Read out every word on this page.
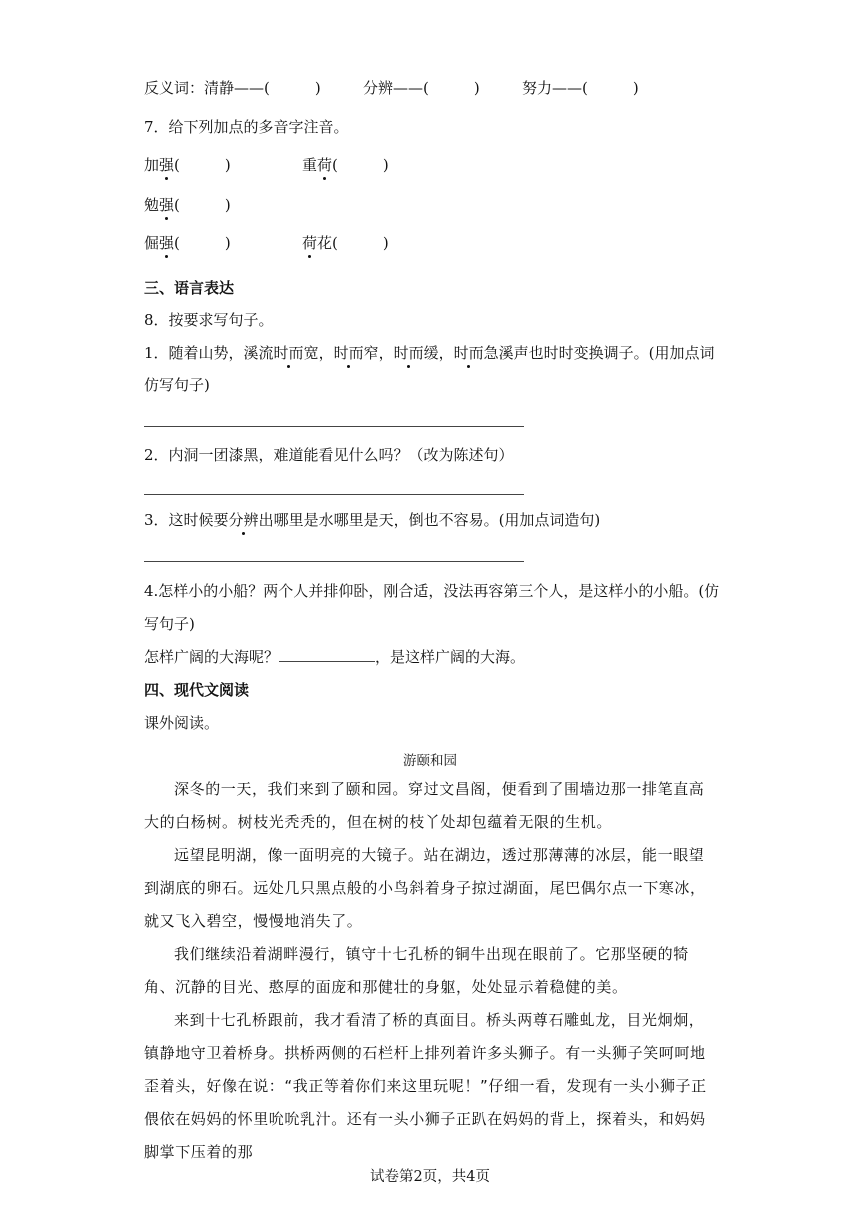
反义词：清静——(　　　)	分辨——(　　　)	努力——(　　　)
7．给下列加点的多音字注音。
加强(　　　)	重荷(　　　)
勉强(　　　)
倔强(　　　)	荷花(　　　)
三、语言表达
8．按要求写句子。
1．随着山势，溪流时而宽，时而窄，时而缓，时而急溪声也时时变换调子。(用加点词
仿写句子)
2．内洞一团漆黑，难道能看见什么吗？（改为陈述句）
3．这时候要分辨出哪里是水哪里是天，倒也不容易。(用加点词造句)
4.怎样小的小船？两个人并排仰卧，刚合适，没法再容第三个人，是这样小的小船。(仿
写句子)
怎样广阔的大海呢？	，是这样广阔的大海。
四、现代文阅读
课外阅读。
游颐和园

深冬的一天，我们来到了颐和园。穿过文昌阁，便看到了围墙边那一排笔直高大的白杨树。树枝光秃秃的，但在树的枝丫处却包蕴着无限的生机。

远望昆明湖，像一面明亮的大镜子。站在湖边，透过那薄薄的冰层，能一眼望到湖底的卵石。远处几只黑点般的小鸟斜着身子掠过湖面，尾巴偶尔点一下寒冰，就又飞入碧空，慢慢地消失了。

我们继续沿着湖畔漫行，镇守十七孔桥的铜牛出现在眼前了。它那坚硬的犄角、沉静的目光、憨厚的面庞和那健壮的身躯，处处显示着稳健的美。

来到十七孔桥跟前，我才看清了桥的真面目。桥头两尊石雕虬龙，目光炯炯，镇静地守卫着桥身。拱桥两侧的石栏杆上排列着许多头狮子。有一头狮子笑呵呵地歪着头，好像在说：“我正等着你们来这里玩呢！”仔细一看，发现有一头小狮子正偎依在妈妈的怀里吮吮乳汁。还有一头小狮子正趴在妈妈的背上，探着头，和妈妈脚掌下压着的那

试卷第2页，共4页
